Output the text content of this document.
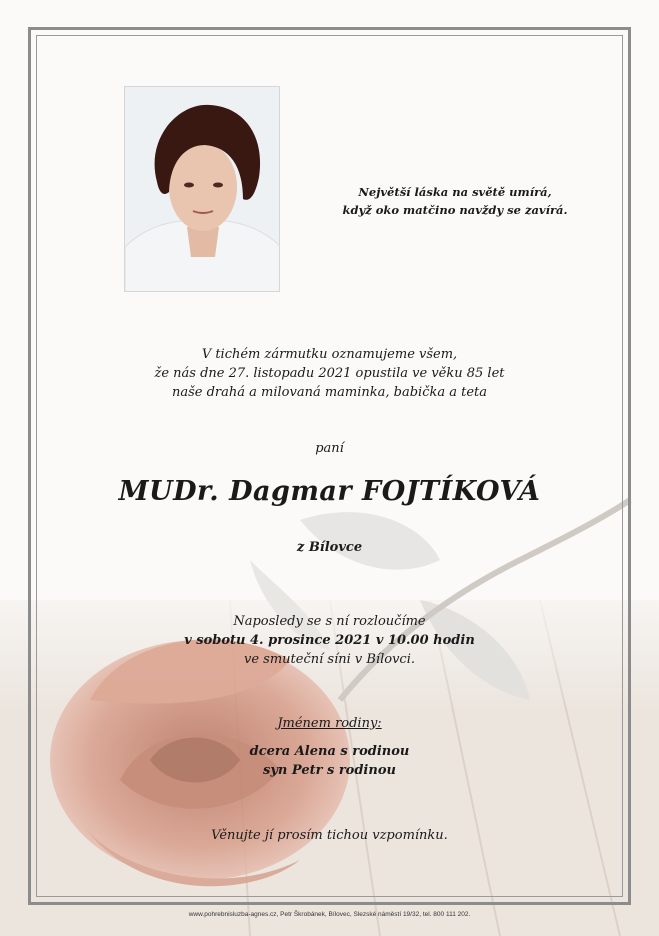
Největší láska na světě umírá,
když oko matčino navždy se zavírá.
V tichém zármutku oznamujeme všem,
že nás dne 27. listopadu 2021 opustila ve věku 85 let
naše drahá a milovaná maminka, babička a teta
paní
MUDr. Dagmar FOJTÍKOVÁ
z Bílovce
Naposledy se s ní rozloučíme
v sobotu 4. prosince 2021 v 10.00 hodin
ve smuteční síni v Bílovci.
Jménem rodiny:
dcera Alena s rodinou
syn Petr s rodinou
Věnujte jí prosím tichou vzpomínku.
www.pohrebnisluzba-agnes.cz, Petr Škrobánek, Bílovec, Slezské náměstí 19/32, tel. 800 111 202.
